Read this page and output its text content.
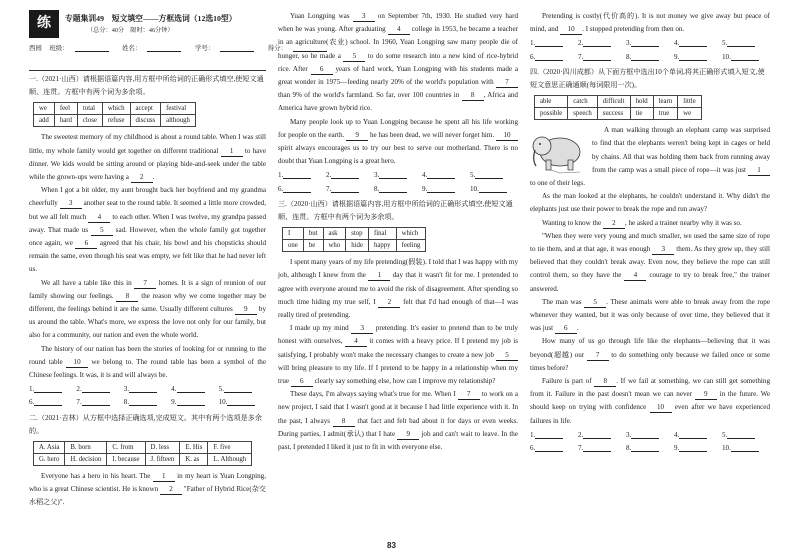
练	专题集训49　短文填空——方框选词（12选10型）
（总分：40分　限时：46分钟）
西园 班级：	姓名：	学号：	得分：

一.（2021·山西）请根据语篇内容,用方框中所给词的正确形式填空,使短文通顺、连贯。方框中有两个词为多余项。

we	feel	total	which	accept	festival
add	hard	close	refuse	discuss	although

The sweetest memory of my childhood is about a round table. When I was still little, my whole family would get together on different traditional 1 to have dinner. We kids would be sitting around or playing hide-and-seek under the table while the grown-ups were having a 2 .

When I got a bit older, my aunt brought back her boyfriend and my grandma cheerfully 3 another seat to the round table. It seemed a little more crowded, but we all felt much 4 to each other. When I was twelve, my grandpa passed away. That made us 5 sad. However, when the whole family got together once again, we 6 agreed that his chair, his bowl and his chopsticks should remain the same, even though his seat was empty, we felt like that he had never left us.

We all have a table like this in 7 homes. It is a sign of reunion of our family showing our feelings. 8 the reason why we come together may be different, the feelings behind it are the same. Usually different cultures 9 by us around the table. What's more, we express the love not only for our family, but also for a community, our nation and even the whole world.

The history of our nation has been the stories of looking for or running to the round table 10 we belong to. The round table has been a symbol of the Chinese feelings. It was, it is and will always be.

1.	2.	3.	4.	5.
6.	7.	8.	9.	10.

二.（2021·吉林）从方框中选择正确选项,完成短文。其中有两个选项是多余的。

A. Asia	B. born	C. from	D. less	E. His	F. five
G. hero	H. decision	I. because	J. fifteen	K. as	L. Although

Everyone has a hero in his heart. The 1 in my heart is Yuan Longping, who is a great Chinese scientist. He is known 2 "Father of Hybrid Rice(杂交水稻之父)".

Yuan Longping was 3 on September 7th, 1930. He studied very hard when he was young. After graduating 4 college in 1953, he became a teacher in an agriculture(农业) school. In 1960, Yuan Longping saw many people die of hunger, so he made a 5 to do some research into a new kind of rice-hybrid rice. After 6 years of hard work, Yuan Longping with his students made a great wonder in 1975—feeding nearly 20% of the world's population with 7 than 9% of the world's farmland. So far, over 100 countries in 8 , Africa and America have grown hybrid rice.

Many people look up to Yuan Longping because he spent all his life working for people on the earth. 9 he has been dead, we will never forget him. 10 spirit always encourages us to try our best to serve our motherland. There is no doubt that Yuan Longping is a great hero.

1.	2.	3.	4.	5.
6.	7.	8.	9.	10.

三.（2020·山西）请根据语篇内容,用方框中所给词的正确形式填空,使短文通顺、连贯。方框中有两个词为多余项。

I	but	ask	stop	final	which
one	be	who	hide	happy	feeling

I spent many years of my life pretending(假装). I told that I was happy with my job, although I knew from the 1 day that it wasn't fit for me. I pretended to agree with everyone around me to avoid the risk of disagreement. After spending so much time hiding my true self, I 2 felt that I'd had enough of that—I was really tired of pretending.

I made up my mind 3 pretending. It's easier to pretend than to be truly honest with ourselves, 4 it comes with a heavy price. If I pretend my job is satisfying, I probably won't make the necessary changes to create a new job 5 will bring pleasure to my life. If I pretend to be happy in a relationship when my true 6 clearly say something else, how can I improve my relationship?

These days, I'm always saying what's true for me. When I 7 to work on a new project, I said that I wasn't good at it because I had little experience with it. In the past, I always 8 that fact and felt bad about it for days or even weeks. During parties, I admit(承认) that I hate 9 job and can't wait to leave. In the past, I pretended I liked it just to fit in with everyone else.

Pretending is costly(代价高的). It is not money we give away but peace of mind, and 10 . I stopped pretending from then on.

1.	2.	3.	4.	5.
6.	7.	8.	9.	10.

四.（2020·四川成都）从下面方框中选出10个单词,将其正确形式填入短文,使短文意思正确通顺(每词限用一次)。

able	catch	difficult	hold	learn	little
possible	speech	success	tie	true	we

A man walking through an elephant camp was surprised to find that the elephants weren't being kept in cages or held by chains. All that was holding them back from running away from the camp was a small piece of rope—it was just 1 to one of their legs.

As the man looked at the elephants, he couldn't understand it. Why didn't the elephants just use their power to break the rope and run away?

Wanting to know the 2 , he asked a trainer nearby why it was so.

"When they were very young and much smaller, we used the same size of rope to tie them, and at that age, it was enough 3 them. As they grew up, they still believed that they couldn't break away. Even now, they believe the rope can still control them, so they have the 4 courage to try to break free," the trainer answered.

The man was 5 . These animals were able to break away from the rope whenever they wanted, but it was only because of over time, they believed that it was just 6 .

How many of us go through life like the elephants—believing that it was beyond(超越) our 7 to do something only because we failed once or some times before?

Failure is part of 8 . If we fail at something, we can still get something from it. Failure in the past doesn't mean we can never 9 in the future. We should keep on trying with confidence 10 even after we have experienced failures in life.

1.	2.	3.	4.	5.
6.	7.	8.	9.	10.
83
